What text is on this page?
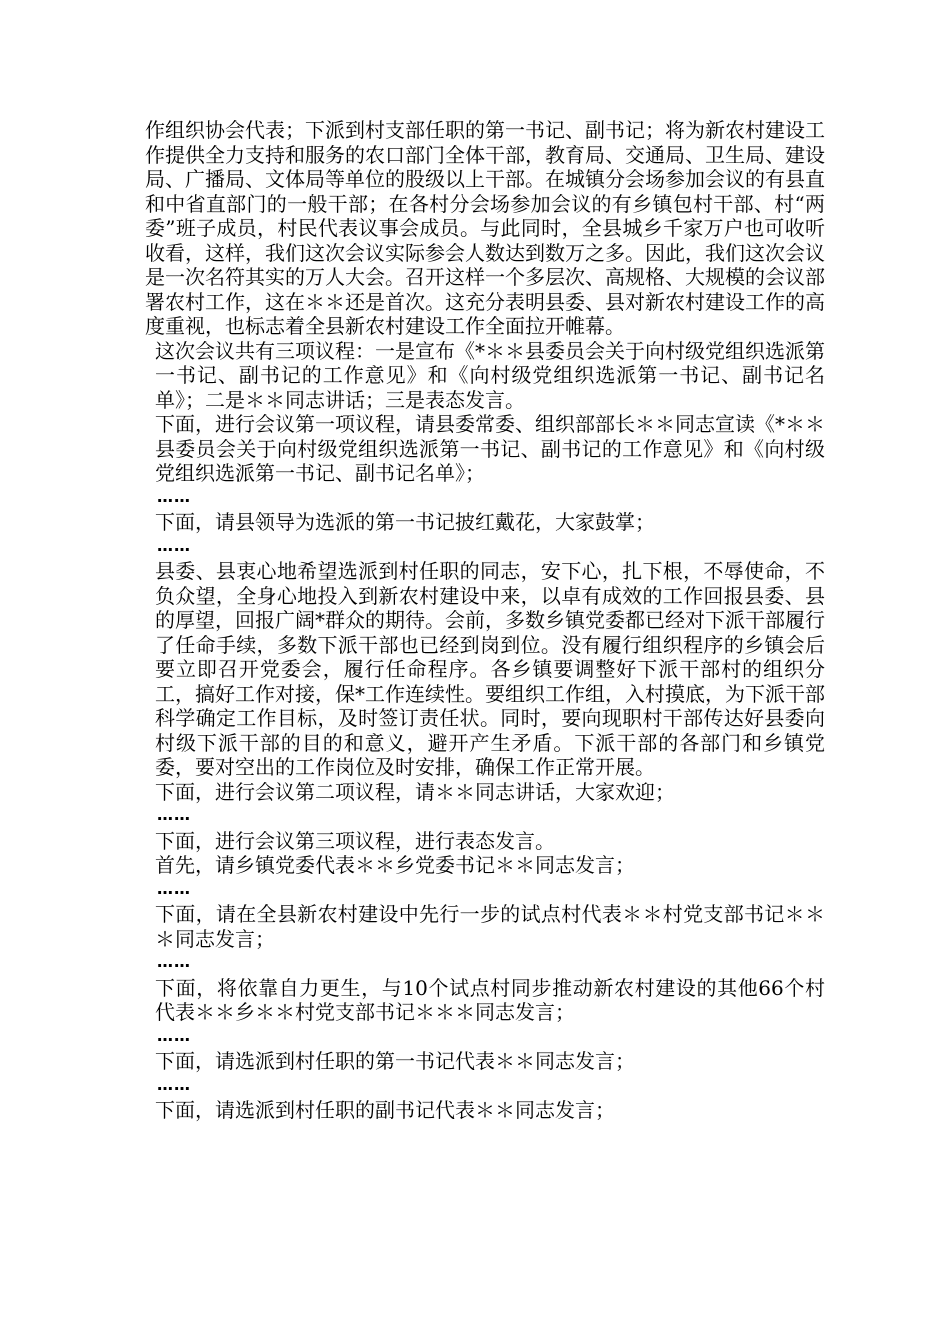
作组织协会代表；下派到村支部任职的第一书记、副书记；将为新农村建设工作提供全力支持和服务的农口部门全体干部，教育局、交通局、卫生局、建设局、广播局、文体局等单位的股级以上干部。在城镇分会场参加会议的有县直和中省直部门的一般干部；在各村分会场参加会议的有乡镇包村干部、村“两委”班子成员，村民代表议事会成员。与此同时，全县城乡千家万户也可收听收看，这样，我们这次会议实际参会人数达到数万之多。因此，我们这次会议是一次名符其实的万人大会。召开这样一个多层次、高规格、大规模的会议部署农村工作，这在＊＊还是首次。这充分表明县委、县对新农村建设工作的高度重视，也标志着全县新农村建设工作全面拉开帷幕。

这次会议共有三项议程：一是宣布《*＊＊县委员会关于向村级党组织选派第一书记、副书记的工作意见》和《向村级党组织选派第一书记、副书记名单》；二是＊＊同志讲话；三是表态发言。

下面，进行会议第一项议程，请县委常委、组织部部长＊＊同志宣读《*＊＊县委员会关于向村级党组织选派第一书记、副书记的工作意见》和《向村级党组织选派第一书记、副书记名单》；

……

下面，请县领导为选派的第一书记披红戴花，大家鼓掌；

……

县委、县衷心地希望选派到村任职的同志，安下心，扎下根，不辱使命，不负众望，全身心地投入到新农村建设中来，以卓有成效的工作回报县委、县的厚望，回报广阔*群众的期待。会前，多数乡镇党委都已经对下派干部履行了任命手续，多数下派干部也已经到岗到位。没有履行组织程序的乡镇会后要立即召开党委会，履行任命程序。各乡镇要调整好下派干部村的组织分工，搞好工作对接，保*工作连续性。要组织工作组，入村摸底，为下派干部科学确定工作目标，及时签订责任状。同时，要向现职村干部传达好县委向村级下派干部的目的和意义，避开产生矛盾。下派干部的各部门和乡镇党委，要对空出的工作岗位及时安排，确保工作正常开展。

下面，进行会议第二项议程，请＊＊同志讲话，大家欢迎；

……

下面，进行会议第三项议程，进行表态发言。

首先，请乡镇党委代表＊＊乡党委书记＊＊同志发言；

……

下面，请在全县新农村建设中先行一步的试点村代表＊＊村党支部书记＊＊＊同志发言；

……

下面，将依靠自力更生，与10个试点村同步推动新农村建设的其他66个村代表＊＊乡＊＊村党支部书记＊＊＊同志发言；

……

下面，请选派到村任职的第一书记代表＊＊同志发言；

……

下面，请选派到村任职的副书记代表＊＊同志发言；
